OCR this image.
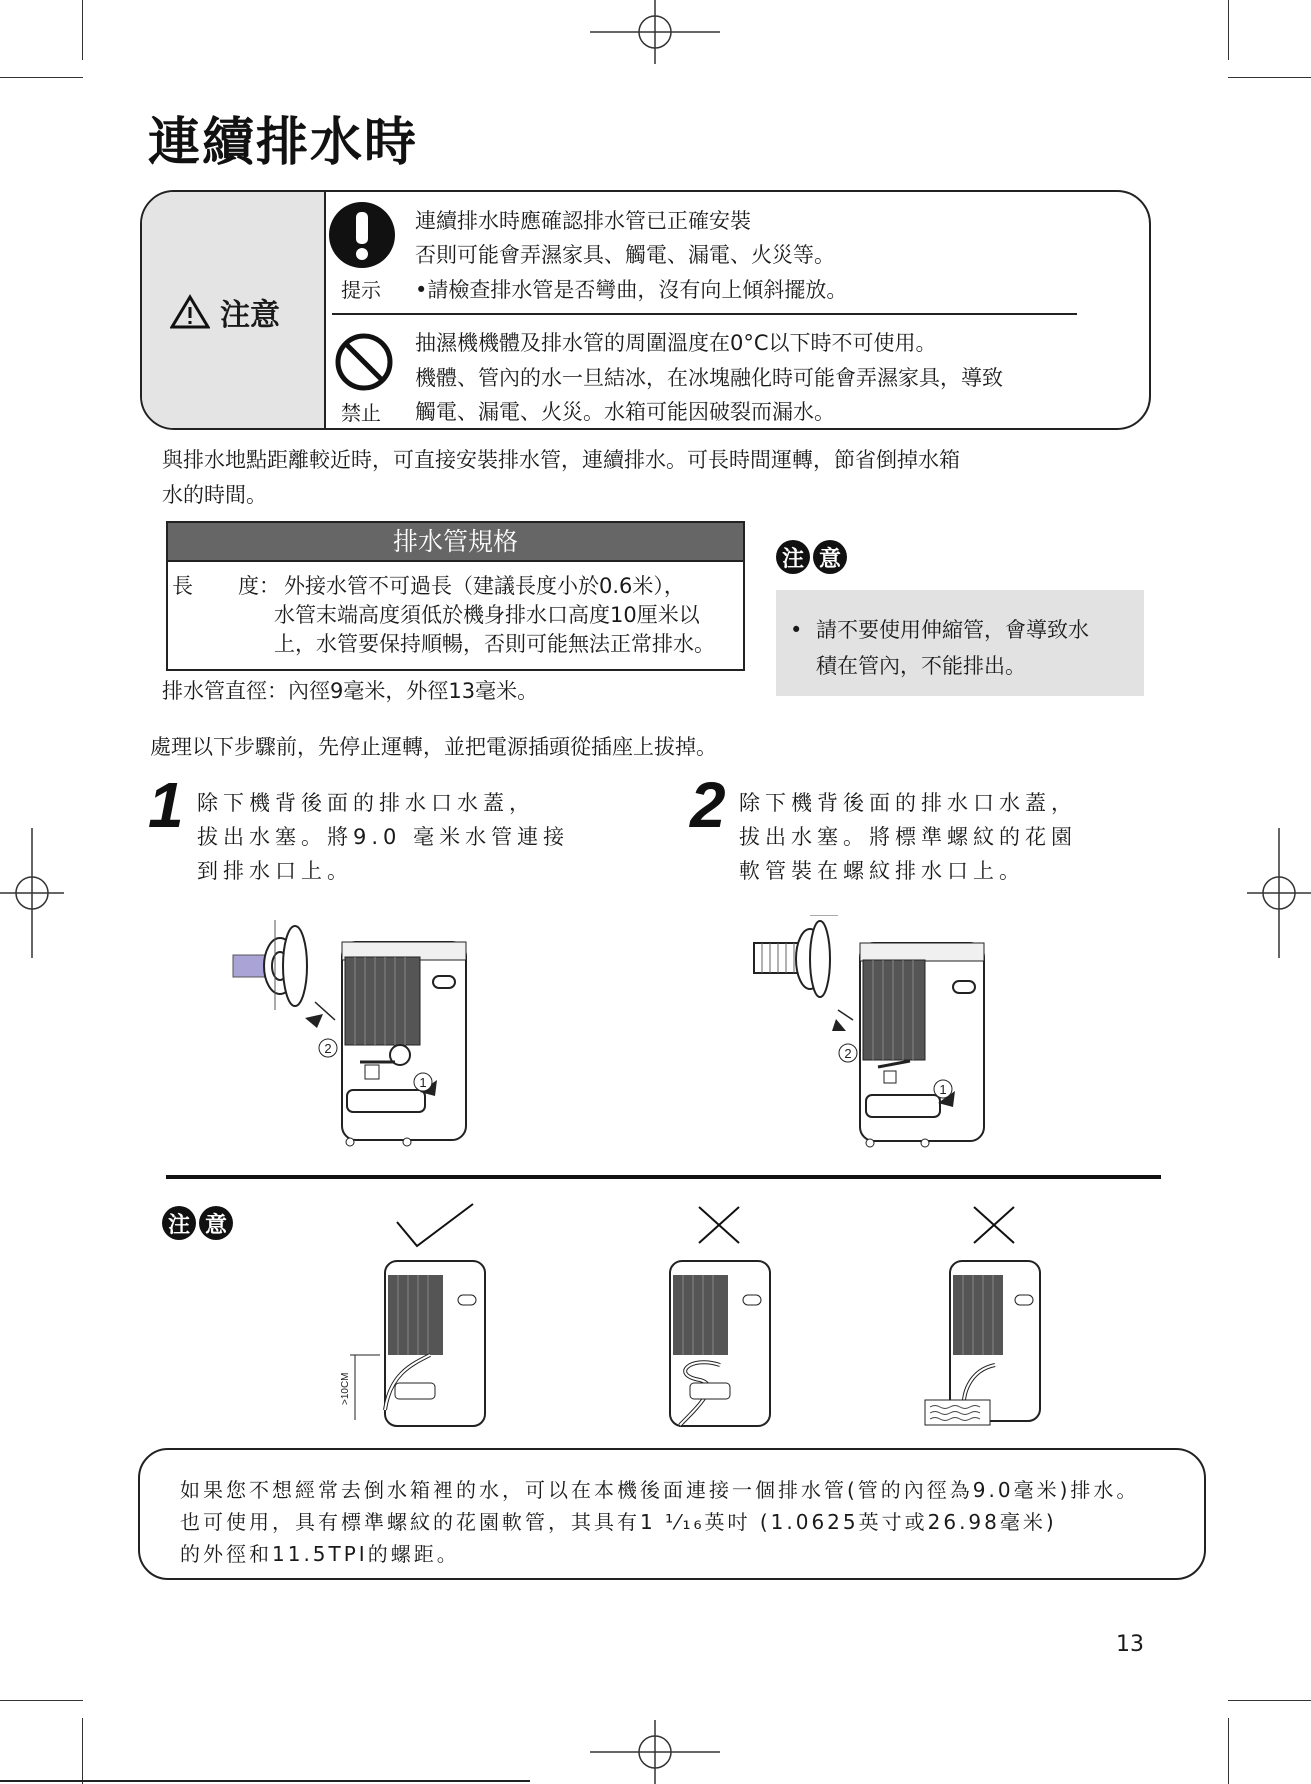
連續排水時
注意
提示
連續排水時應確認排水管已正確安裝
否則可能會弄濕家具、觸電、漏電、火災等。
•請檢查排水管是否彎曲，沒有向上傾斜擺放。
禁止
抽濕機機體及排水管的周圍溫度在0°C以下時不可使用。
機體、管內的水一旦結冰，在冰塊融化時可能會弄濕家具，導致
觸電、漏電、火災。水箱可能因破裂而漏水。
與排水地點距離較近時，可直接安裝排水管，連續排水。可長時間運轉，節省倒掉水箱
水的時間。
排水管規格
長 度： 外接水管不可過長（建議長度小於0.6米），
水管末端高度須低於機身排水口高度10厘米以
上，水管要保持順暢，否則可能無法正常排水。
排水管直徑：內徑9毫米，外徑13毫米。
注 意
• 請不要使用伸縮管，會導致水
積在管內，不能排出。
處理以下步驟前，先停止運轉，並把電源插頭從插座上拔掉。
1 除下機背後面的排水口水蓋，
拔出水塞。將9.0 毫米水管連接
到排水口上。
2 除下機背後面的排水口水蓋，
拔出水塞。將標準螺紋的花園
軟管裝在螺紋排水口上。
2
1
2
1
注 意
>10CM
如果您不想經常去倒水箱裡的水，可以在本機後面連接一個排水管(管的內徑為9.0毫米)排水。
也可使用，具有標準螺紋的花園軟管，其具有1 ¹⁄₁₆英吋 (1.0625英寸或26.98毫米)
的外徑和11.5TPI的螺距。
13
